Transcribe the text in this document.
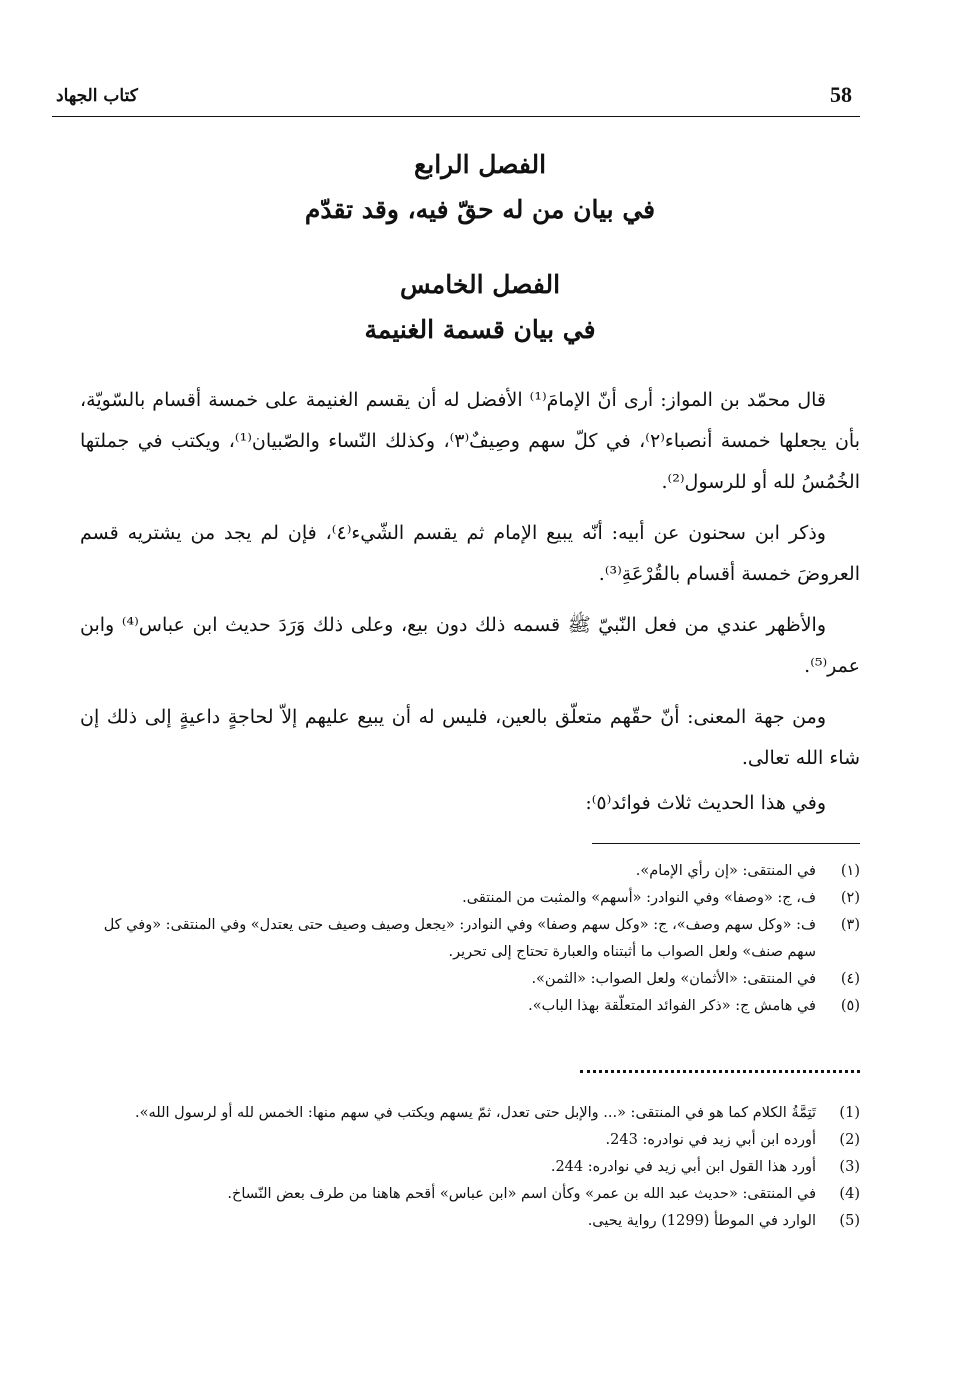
58
كتاب الجهاد
الفصل الرابع
في بيان من له حقّ فيه، وقد تقدّم
الفصل الخامس
في بيان قسمة الغنيمة

قال محمّد بن المواز: أرى أنّ الإمامَ⁽¹⁾ الأفضل له أن يقسم الغنيمة على خمسة أقسام بالسّويّة، بأن يجعلها خمسة أنصباء⁽٢⁾، في كلّ سهم وصِيفٌ⁽٣⁾، وكذلك النّساء والصّبيان⁽¹⁾، ويكتب في جملتها الخُمُسُ لله أو للرسول⁽²⁾.

وذكر ابن سحنون عن أبيه: أنّه يبيع الإمام ثم يقسم الشّيء⁽٤⁾، فإن لم يجد من يشتريه قسم العروضَ خمسة أقسام بالقُرْعَةِ⁽³⁾.

والأظهر عندي من فعل النّبيّ ﷺ قسمه ذلك دون بيع، وعلى ذلك وَرَدَ حديث ابن عباس⁽⁴⁾ وابن عمر⁽⁵⁾.

ومن جهة المعنى: أنّ حقّهم متعلّق بالعين، فليس له أن يبيع عليهم إلاّ لحاجةٍ داعيةٍ إلى ذلك إن شاء الله تعالى.

وفي هذا الحديث ثلاث فوائد⁽٥⁾:

(١)
في المنتقى: «إن رأي الإمام».
(٢)
ف، ج: «وصفا» وفي النوادر: «أسهم» والمثبت من المنتقى.
(٣)
ف: «وكل سهم وصف»، ج: «وكل سهم وصفا» وفي النوادر: «يجعل وصيف وصيف حتى يعتدل» وفي المنتقى: «وفي كل سهم صنف» ولعل الصواب ما أثبتناه والعبارة تحتاج إلى تحرير.
(٤)
في المنتقى: «الأثمان» ولعل الصواب: «الثمن».
(٥)
في هامش ج: «ذكر الفوائد المتعلّقة بهذا الباب».
(1)
تَتِمَّةُ الكلام كما هو في المنتقى: «... والإبل حتى تعدل، ثمّ يسهم ويكتب في سهم منها: الخمس لله أو لرسول الله».
(2)
أورده ابن أبي زيد في نوادره: 243.
(3)
أورد هذا القول ابن أبي زيد في نوادره: 244.
(4)
في المنتقى: «حديث عبد الله بن عمر» وكأن اسم «ابن عباس» أقحم هاهنا من طرف بعض النّساخ.
(5)
الوارد في الموطأ (1299) رواية يحيى.
